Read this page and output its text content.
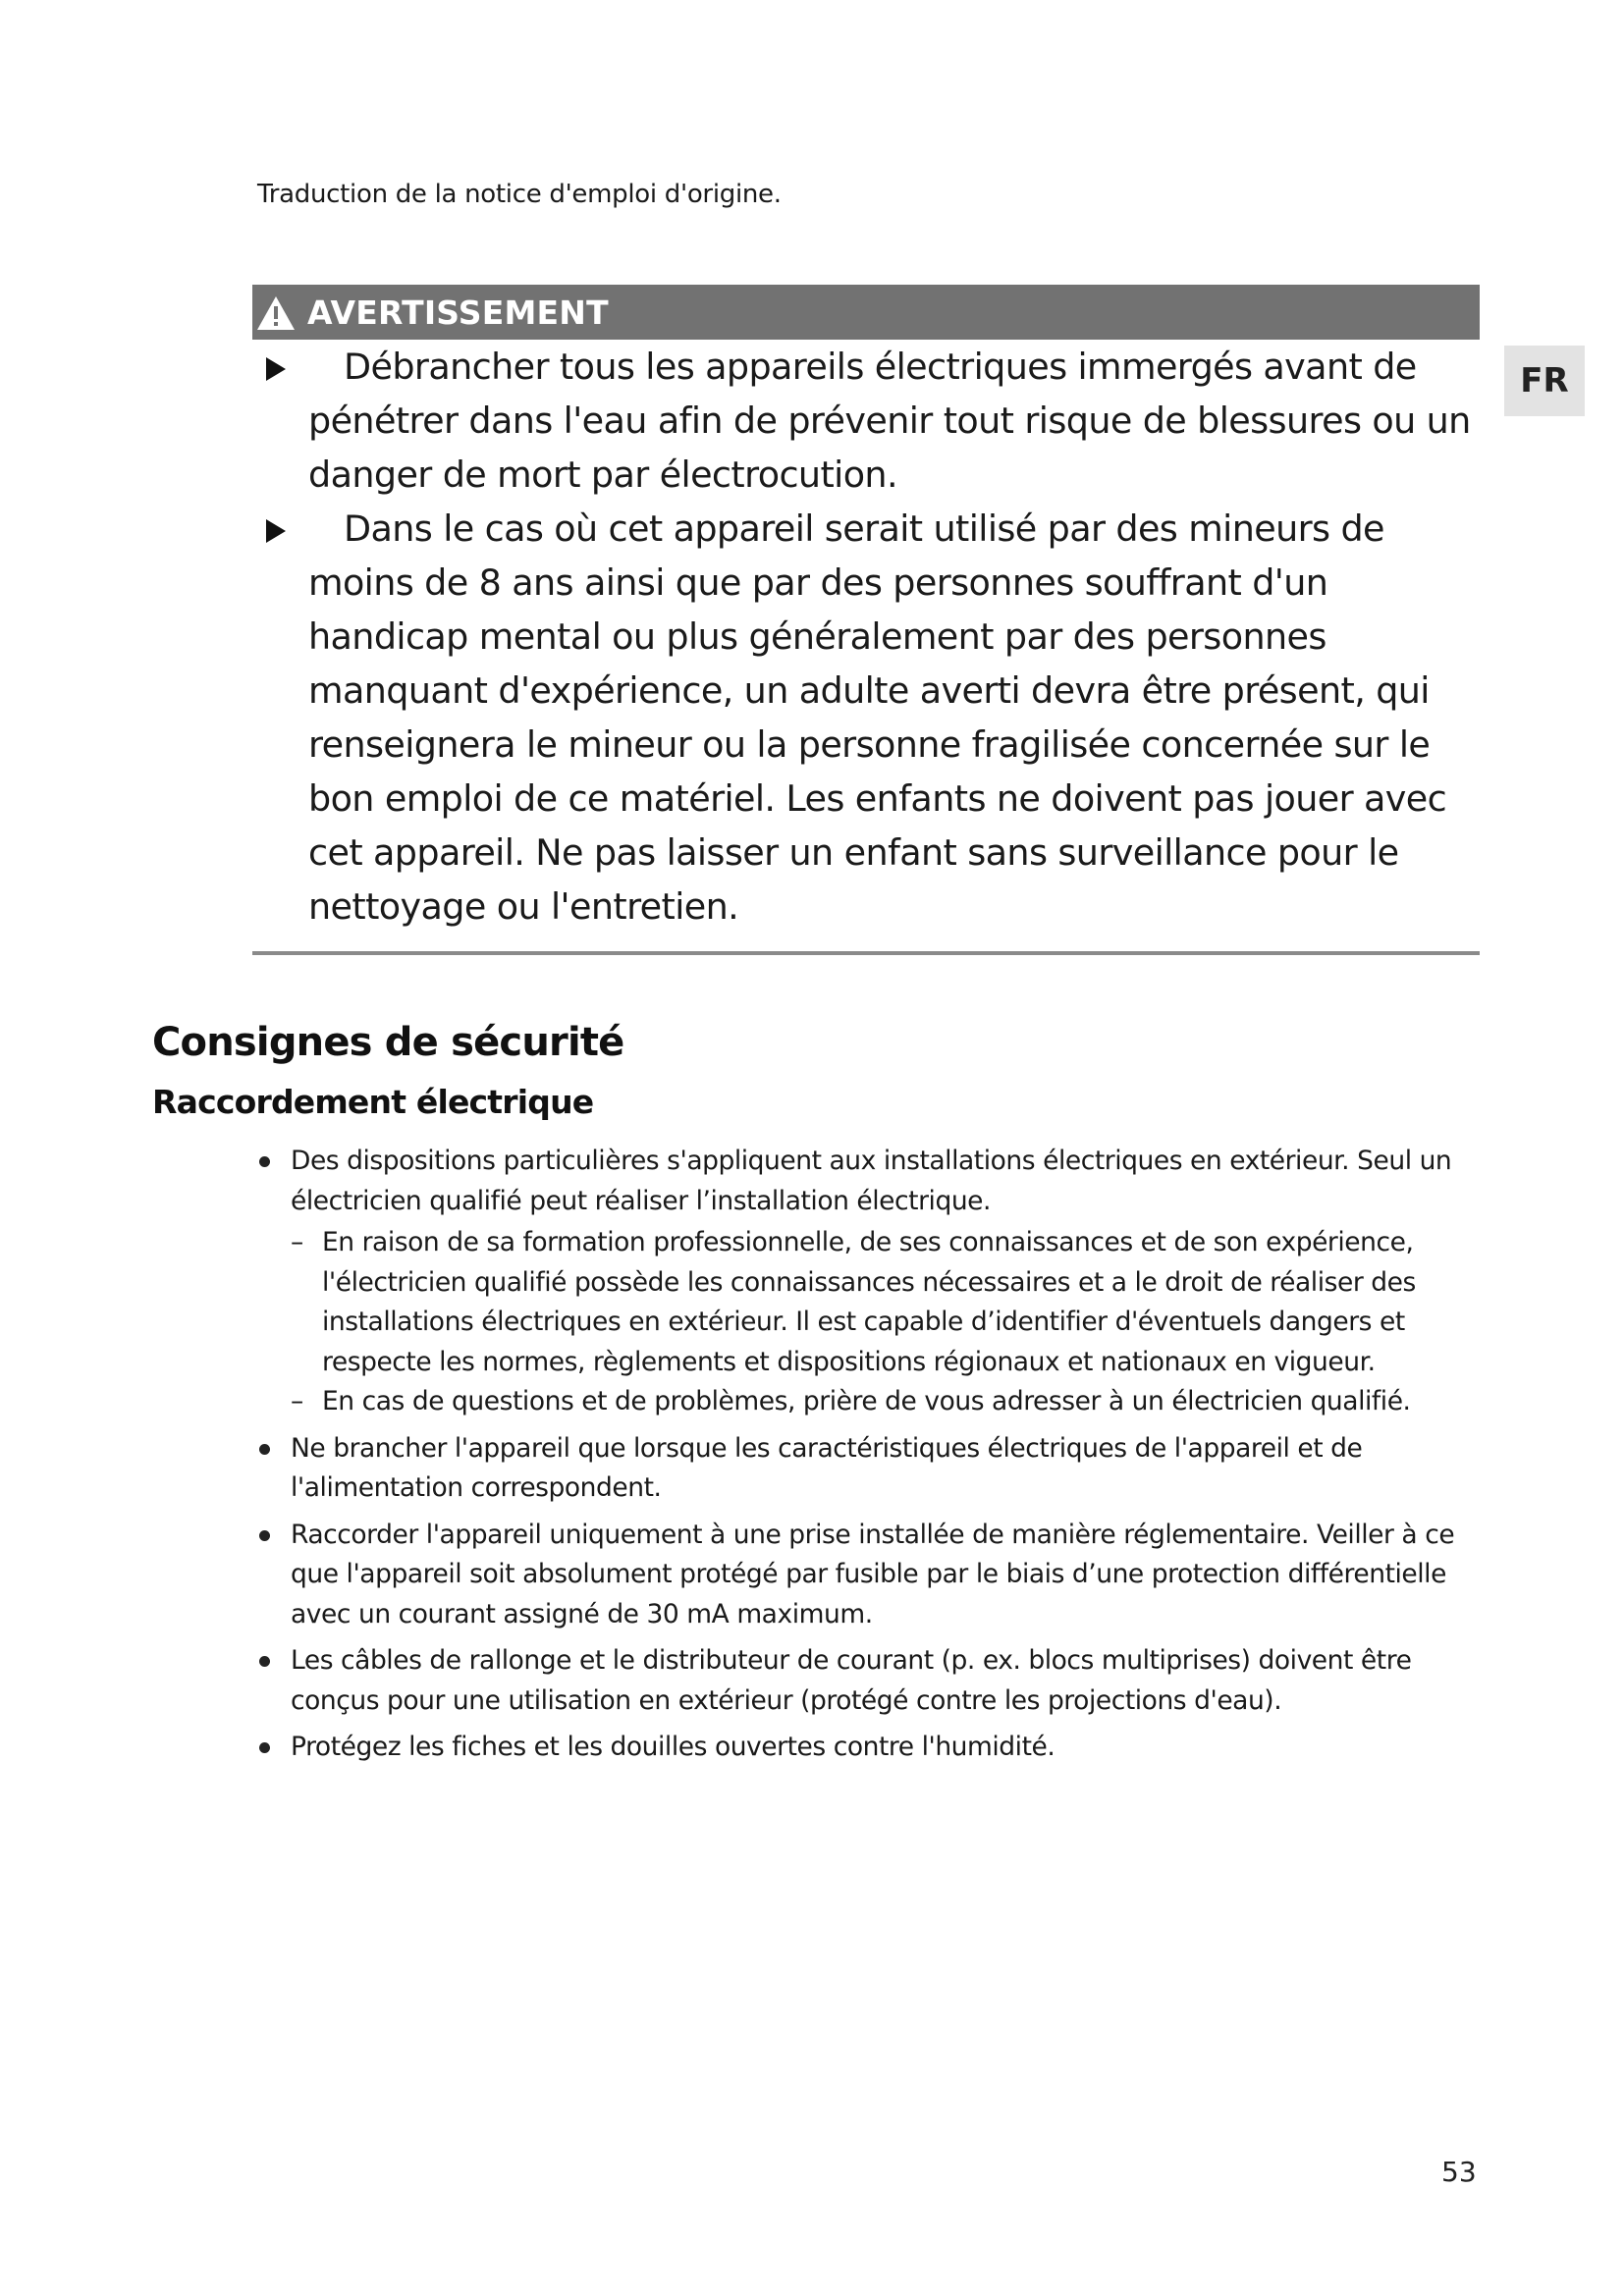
Traduction de la notice d'emploi d'origine.
FR
AVERTISSEMENT
Débrancher tous les appareils électriques immergés avant de pénétrer dans l'eau afin de prévenir tout risque de blessures ou un danger de mort par électrocution.
Dans le cas où cet appareil serait utilisé par des mineurs de moins de 8 ans ainsi que par des personnes souffrant d'un handicap mental ou plus généralement par des personnes manquant d'expérience, un adulte averti devra être présent, qui renseignera le mineur ou la personne fragilisée concernée sur le bon emploi de ce matériel. Les enfants ne doivent pas jouer avec cet appareil. Ne pas laisser un enfant sans surveillance pour le nettoyage ou l'entretien.
Consignes de sécurité
Raccordement électrique
Des dispositions particulières s'appliquent aux installations électriques en extérieur. Seul un électricien qualifié peut réaliser l’installation électrique.
– En raison de sa formation professionnelle, de ses connaissances et de son expérience, l'électricien qualifié possède les connaissances nécessaires et a le droit de réaliser des installations électriques en extérieur. Il est capable d’identifier d'éventuels dangers et respecte les normes, règlements et dispositions régionaux et nationaux en vigueur.
– En cas de questions et de problèmes, prière de vous adresser à un électricien qualifié.
Ne brancher l'appareil que lorsque les caractéristiques électriques de l'appareil et de l'alimentation correspondent.
Raccorder l'appareil uniquement à une prise installée de manière réglementaire. Veiller à ce que l'appareil soit absolument protégé par fusible par le biais d’une protection différentielle avec un courant assigné de 30 mA maximum.
Les câbles de rallonge et le distributeur de courant (p. ex. blocs multiprises) doivent être conçus pour une utilisation en extérieur (protégé contre les projections d'eau).
Protégez les fiches et les douilles ouvertes contre l'humidité.
53
